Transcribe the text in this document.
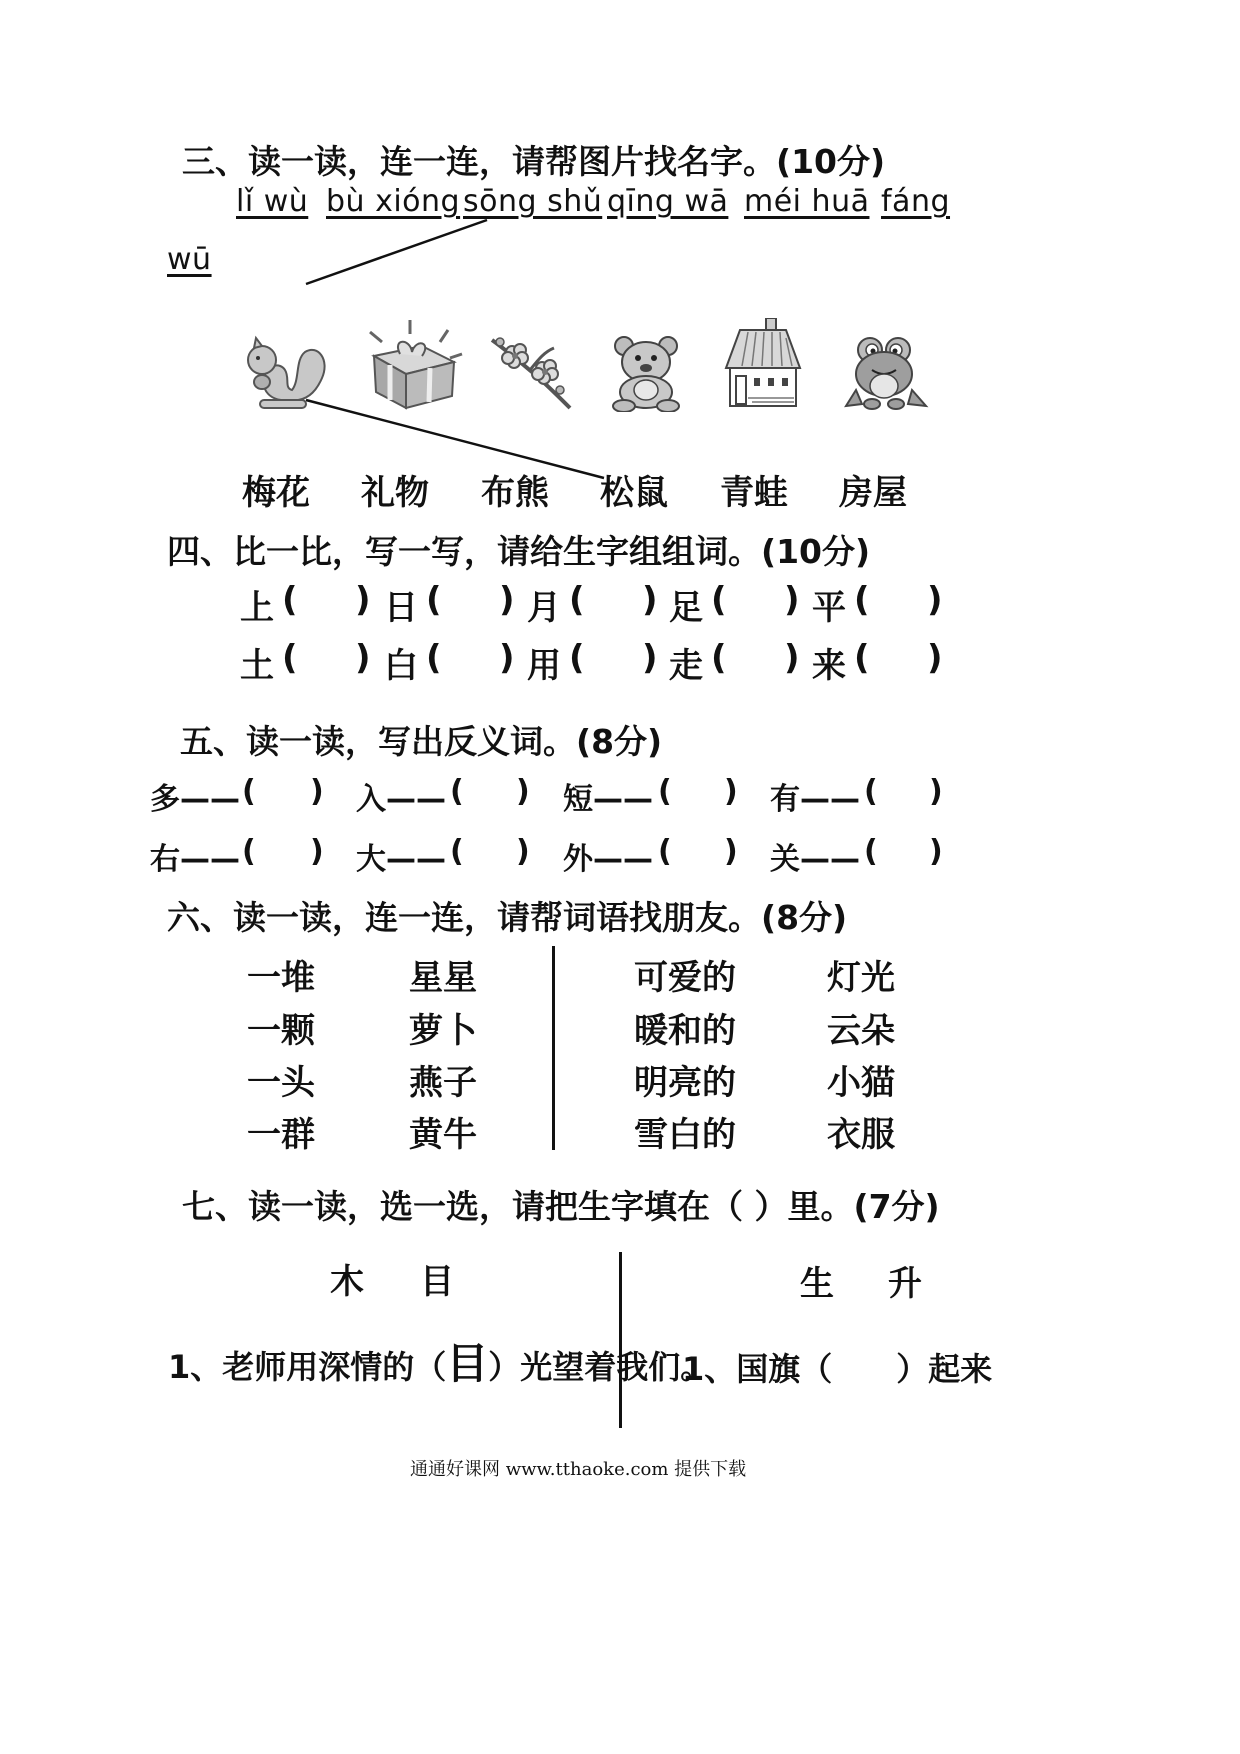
三、读一读，连一连，请帮图片找名字。(10分)
lǐ wù bù xióng sōng shǔ qīng wā méi huā fáng
wū
梅花 礼物 布熊 松鼠 青蛙 房屋
四、比一比，写一写，请给生字组组词。(10分)
上 ( ) 日 ( ) 月 ( ) 足 ( ) 平 ( )
土 ( ) 白 ( ) 用 ( ) 走 ( ) 来 ( )
五、读一读，写出反义词。(8分)
多—— ( ) 入—— ( ) 短—— ( ) 有—— ( )
右—— ( ) 大—— ( ) 外—— ( ) 关—— ( )
六、读一读，连一连，请帮词语找朋友。(8分)
一堆
一颗
一头
一群
星星
萝卜
燕子
黄牛
可爱的
暖和的
明亮的
雪白的
灯光
云朵
小猫
衣服
七、读一读，选一选，请把生字填在（ ）里。(7分)
木 目	生 升
1、老师用深情的（目）光望着我们。
1、国旗（　　）起来
通通好课网 www.tthaoke.com 提供下载
